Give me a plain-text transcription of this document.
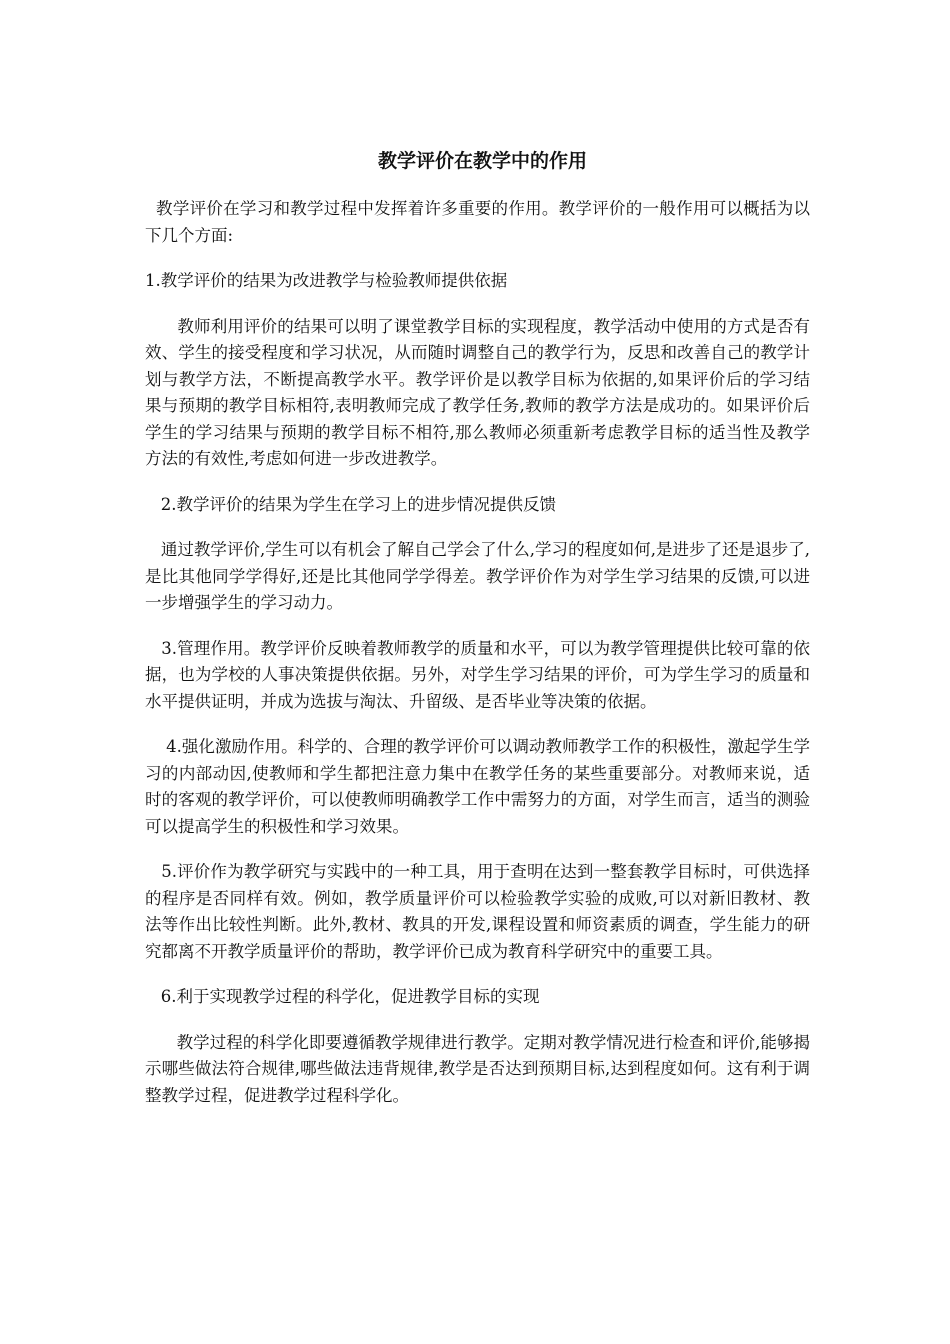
教学评价在教学中的作用

教学评价在学习和教学过程中发挥着许多重要的作用。教学评价的一般作用可以概括为以下几个方面:

1.教学评价的结果为改进教学与检验教师提供依据

教师利用评价的结果可以明了课堂教学目标的实现程度，教学活动中使用的方式是否有效、学生的接受程度和学习状况，从而随时调整自己的教学行为，反思和改善自己的教学计划与教学方法，不断提高教学水平。教学评价是以教学目标为依据的,如果评价后的学习结果与预期的教学目标相符,表明教师完成了教学任务,教师的教学方法是成功的。如果评价后学生的学习结果与预期的教学目标不相符,那么教师必须重新考虑教学目标的适当性及教学方法的有效性,考虑如何进一步改进教学。

2.教学评价的结果为学生在学习上的进步情况提供反馈

通过教学评价,学生可以有机会了解自己学会了什么,学习的程度如何,是进步了还是退步了,是比其他同学学得好,还是比其他同学学得差。教学评价作为对学生学习结果的反馈,可以进一步增强学生的学习动力。

3.管理作用。教学评价反映着教师教学的质量和水平，可以为教学管理提供比较可靠的依据，也为学校的人事决策提供依据。另外，对学生学习结果的评价，可为学生学习的质量和水平提供证明，并成为选拔与淘汰、升留级、是否毕业等决策的依据。

4.强化激励作用。科学的、合理的教学评价可以调动教师教学工作的积极性，激起学生学习的内部动因,使教师和学生都把注意力集中在教学任务的某些重要部分。对教师来说，适时的客观的教学评价，可以使教师明确教学工作中需努力的方面，对学生而言，适当的测验可以提高学生的积极性和学习效果。

5.评价作为教学研究与实践中的一种工具，用于查明在达到一整套教学目标时，可供选择的程序是否同样有效。例如，教学质量评价可以检验教学实验的成败,可以对新旧教材、教法等作出比较性判断。此外,教材、教具的开发,课程设置和师资素质的调查，学生能力的研究都离不开教学质量评价的帮助，教学评价已成为教育科学研究中的重要工具。

6.利于实现教学过程的科学化，促进教学目标的实现

教学过程的科学化即要遵循教学规律进行教学。定期对教学情况进行检查和评价,能够揭示哪些做法符合规律,哪些做法违背规律,教学是否达到预期目标,达到程度如何。这有利于调整教学过程，促进教学过程科学化。
